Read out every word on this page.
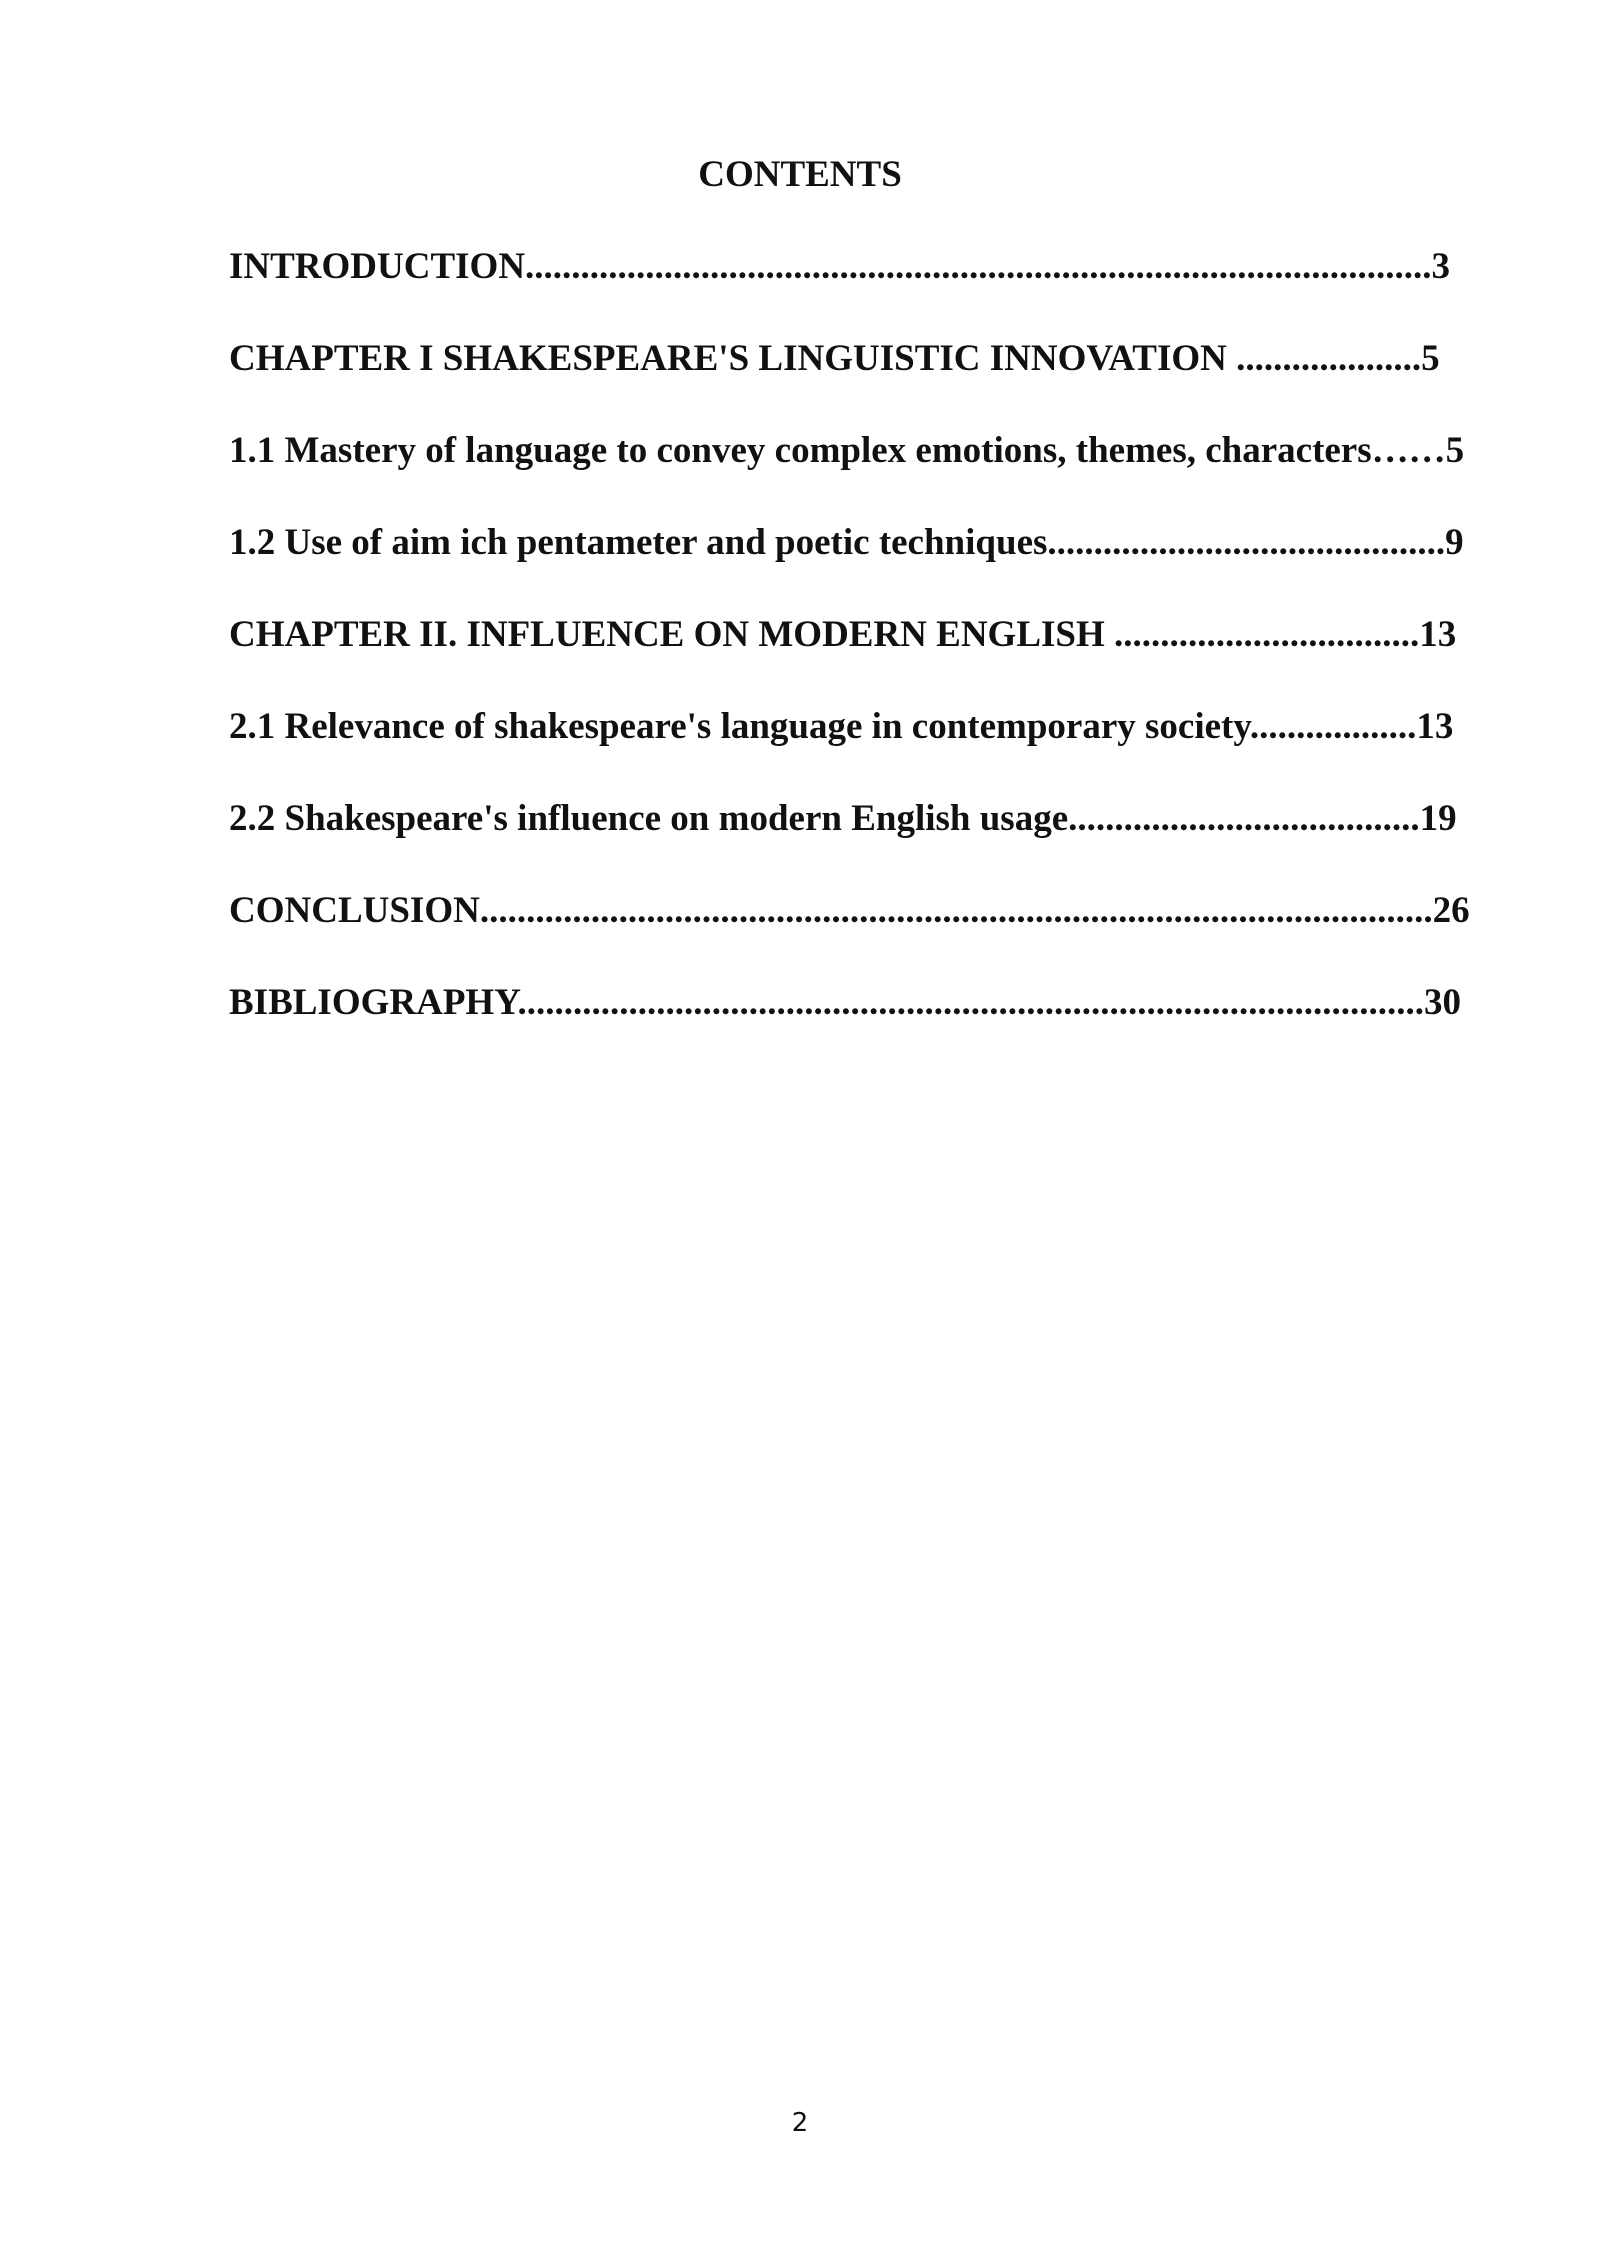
CONTENTS
INTRODUCTION..................................................................................................3
CHAPTER I SHAKESPEARE'S LINGUISTIC INNOVATION ....................5
1.1 Mastery of language to convey complex emotions, themes, characters……5
1.2 Use of aim ich pentameter and poetic techniques...........................................9
CHAPTER II. INFLUENCE ON MODERN ENGLISH .................................13
2.1 Relevance of shakespeare's language in contemporary society..................13
2.2 Shakespeare's influence on modern English usage......................................19
CONCLUSION.......................................................................................................26
BIBLIOGRAPHY..................................................................................................30
2
